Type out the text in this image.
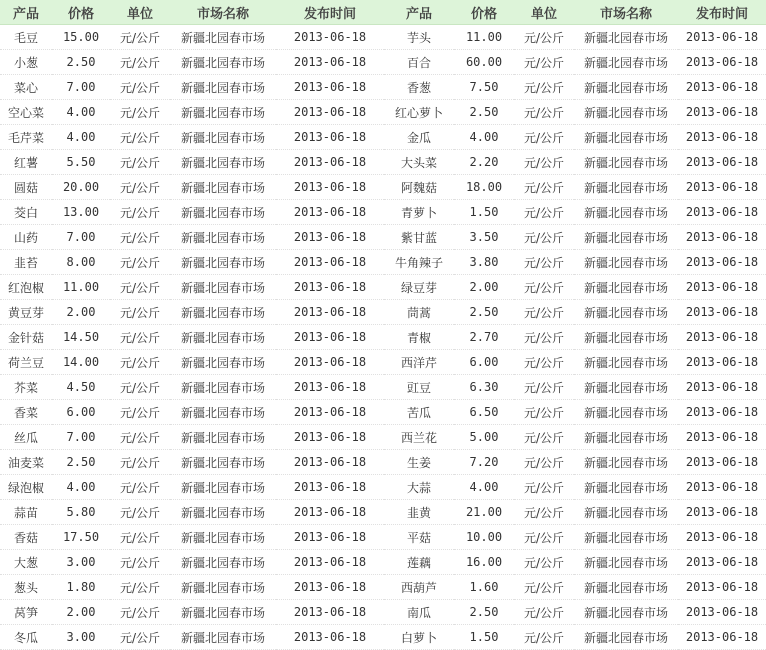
产品	价格	单位	市场名称	发布时间	产品	价格	单位	市场名称	发布时间
毛豆	15.00	元/公斤	新疆北园春市场	2013-06-18	芋头	11.00	元/公斤	新疆北园春市场	2013-06-18
小葱	2.50	元/公斤	新疆北园春市场	2013-06-18	百合	60.00	元/公斤	新疆北园春市场	2013-06-18
菜心	7.00	元/公斤	新疆北园春市场	2013-06-18	香葱	7.50	元/公斤	新疆北园春市场	2013-06-18
空心菜	4.00	元/公斤	新疆北园春市场	2013-06-18	红心萝卜	2.50	元/公斤	新疆北园春市场	2013-06-18
毛芹菜	4.00	元/公斤	新疆北园春市场	2013-06-18	金瓜	4.00	元/公斤	新疆北园春市场	2013-06-18
红薯	5.50	元/公斤	新疆北园春市场	2013-06-18	大头菜	2.20	元/公斤	新疆北园春市场	2013-06-18
圆菇	20.00	元/公斤	新疆北园春市场	2013-06-18	阿魏菇	18.00	元/公斤	新疆北园春市场	2013-06-18
茭白	13.00	元/公斤	新疆北园春市场	2013-06-18	青萝卜	1.50	元/公斤	新疆北园春市场	2013-06-18
山药	7.00	元/公斤	新疆北园春市场	2013-06-18	紫甘蓝	3.50	元/公斤	新疆北园春市场	2013-06-18
韭苔	8.00	元/公斤	新疆北园春市场	2013-06-18	牛角辣子	3.80	元/公斤	新疆北园春市场	2013-06-18
红泡椒	11.00	元/公斤	新疆北园春市场	2013-06-18	绿豆芽	2.00	元/公斤	新疆北园春市场	2013-06-18
黄豆芽	2.00	元/公斤	新疆北园春市场	2013-06-18	茼蒿	2.50	元/公斤	新疆北园春市场	2013-06-18
金针菇	14.50	元/公斤	新疆北园春市场	2013-06-18	青椒	2.70	元/公斤	新疆北园春市场	2013-06-18
荷兰豆	14.00	元/公斤	新疆北园春市场	2013-06-18	西洋芹	6.00	元/公斤	新疆北园春市场	2013-06-18
芥菜	4.50	元/公斤	新疆北园春市场	2013-06-18	豇豆	6.30	元/公斤	新疆北园春市场	2013-06-18
香菜	6.00	元/公斤	新疆北园春市场	2013-06-18	苦瓜	6.50	元/公斤	新疆北园春市场	2013-06-18
丝瓜	7.00	元/公斤	新疆北园春市场	2013-06-18	西兰花	5.00	元/公斤	新疆北园春市场	2013-06-18
油麦菜	2.50	元/公斤	新疆北园春市场	2013-06-18	生姜	7.20	元/公斤	新疆北园春市场	2013-06-18
绿泡椒	4.00	元/公斤	新疆北园春市场	2013-06-18	大蒜	4.00	元/公斤	新疆北园春市场	2013-06-18
蒜苗	5.80	元/公斤	新疆北园春市场	2013-06-18	韭黄	21.00	元/公斤	新疆北园春市场	2013-06-18
香菇	17.50	元/公斤	新疆北园春市场	2013-06-18	平菇	10.00	元/公斤	新疆北园春市场	2013-06-18
大葱	3.00	元/公斤	新疆北园春市场	2013-06-18	莲藕	16.00	元/公斤	新疆北园春市场	2013-06-18
葱头	1.80	元/公斤	新疆北园春市场	2013-06-18	西葫芦	1.60	元/公斤	新疆北园春市场	2013-06-18
莴笋	2.00	元/公斤	新疆北园春市场	2013-06-18	南瓜	2.50	元/公斤	新疆北园春市场	2013-06-18
冬瓜	3.00	元/公斤	新疆北园春市场	2013-06-18	白萝卜	1.50	元/公斤	新疆北园春市场	2013-06-18
